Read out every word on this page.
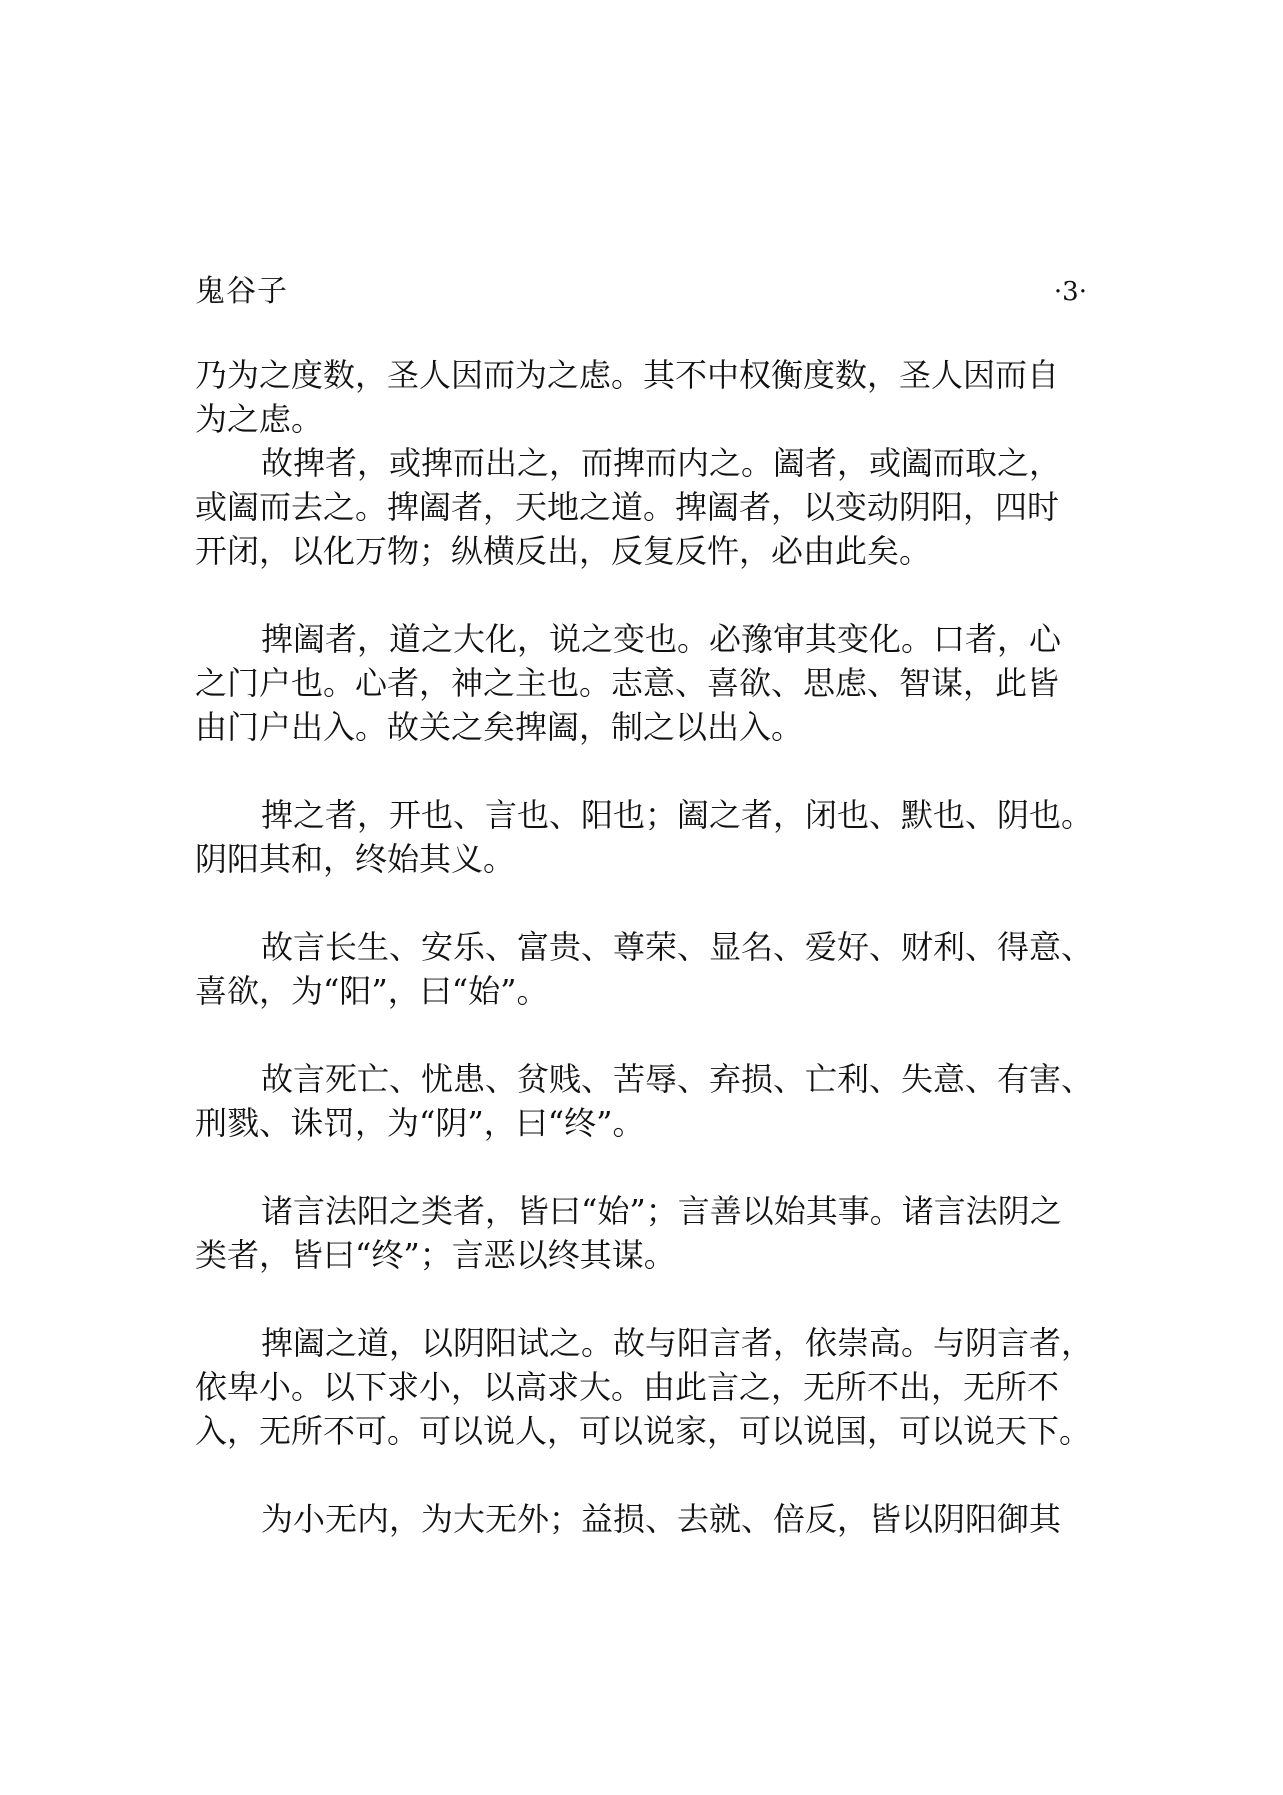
鬼谷子	·3·
乃为之度数，圣人因而为之虑。其不中权衡度数，圣人因而自
为之虑。
故捭者，或捭而出之，而捭而内之。阖者，或阖而取之，
或阖而去之。捭阖者，天地之道。捭阖者，以变动阴阳，四时
开闭，以化万物；纵横反出，反复反忤，必由此矣。
捭阖者，道之大化，说之变也。必豫审其变化。口者，心
之门户也。心者，神之主也。志意、喜欲、思虑、智谋，此皆
由门户出入。故关之矣捭阖，制之以出入。
捭之者，开也、言也、阳也；阖之者，闭也、默也、阴也。
阴阳其和，终始其义。
故言长生、安乐、富贵、尊荣、显名、爱好、财利、得意、
喜欲，为“阳”，曰“始”。
故言死亡、忧患、贫贱、苦辱、弃损、亡利、失意、有害、
刑戮、诛罚，为“阴”，曰“终”。
诸言法阳之类者，皆曰“始”；言善以始其事。诸言法阴之
类者，皆曰“终”；言恶以终其谋。
捭阖之道，以阴阳试之。故与阳言者，依崇高。与阴言者，
依卑小。以下求小，以高求大。由此言之，无所不出，无所不
入，无所不可。可以说人，可以说家，可以说国，可以说天下。
为小无内，为大无外；益损、去就、倍反，皆以阴阳御其
